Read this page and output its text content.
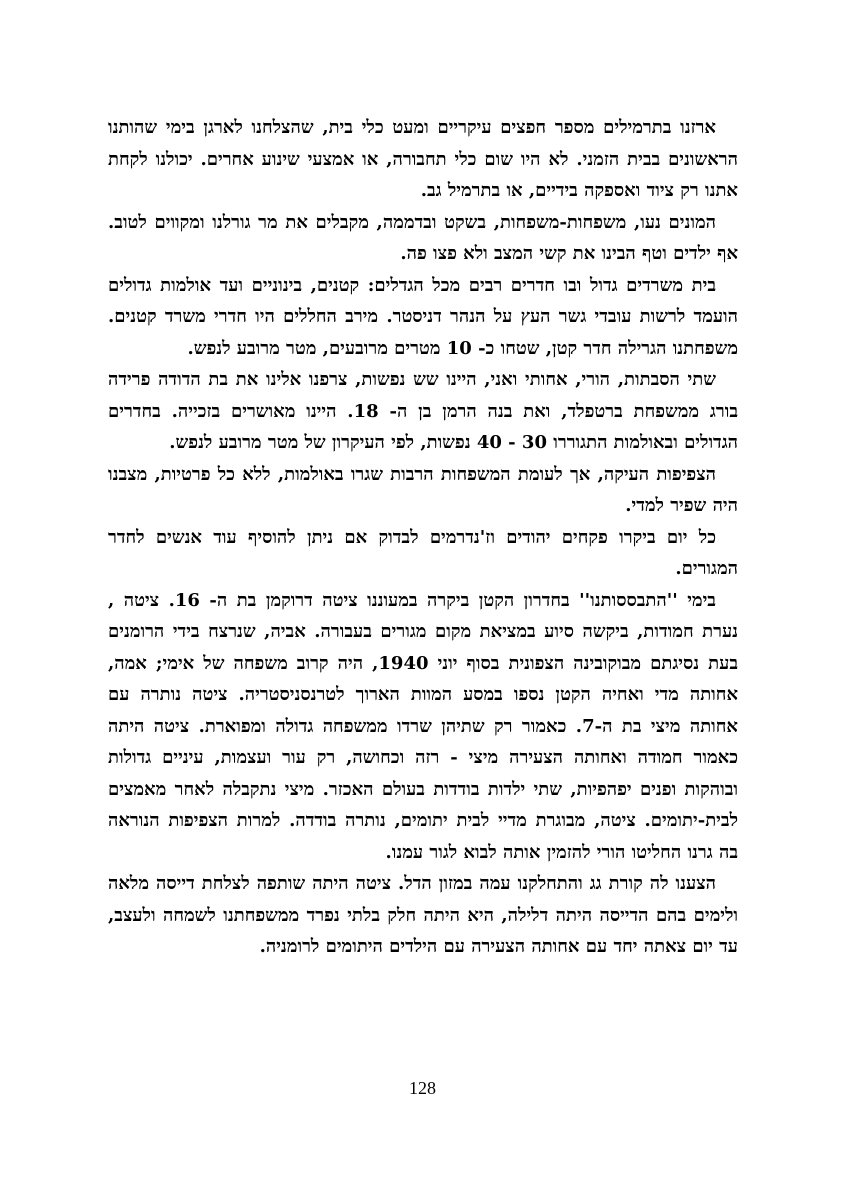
ארזנו בתרמילים מספר חפצים עיקריים ומעט כלי בית, שהצלחנו לארגן בימי שהותנו הראשונים בבית הזמני. לא היו שום כלי תחבורה, או אמצעי שינוע אחרים. יכולנו לקחת אתנו רק ציוד ואספקה בידיים, או בתרמיל גב.

המונים נעו, משפחות-משפחות, בשקט ובדממה, מקבלים את מר גורלנו ומקווים לטוב. אף ילדים וטף הבינו את קשי המצב ולא פצו פה.

בית משרדים גדול ובו חדרים רבים מכל הגדלים: קטנים, בינוניים ועד אולמות גדולים הועמד לרשות עובדי גשר העץ על הנהר דניסטר. מירב החללים היו חדרי משרד קטנים. משפחתנו הגרילה חדר קטן, שטחו כ- 10 מטרים מרובעים, מטר מרובע לנפש.

שתי הסבתות, הורי, אחותי ואני, היינו שש נפשות, צרפנו אלינו את בת הדודה פרידה בורג ממשפחת ברטפלד, ואת בנה הרמן בן ה- 18. היינו מאושרים בזכייה. בחדרים הגדולים ובאולמות התגוררו 30 - 40 נפשות, לפי העיקרון של מטר מרובע לנפש.

הצפיפות העיקה, אך לעומת המשפחות הרבות שגרו באולמות, ללא כל פרטיות, מצבנו היה שפיר למדי.

כל יום ביקרו פקחים יהודים וז'נדרמים לבדוק אם ניתן להוסיף עוד אנשים לחדר המגורים.

בימי ''התבססותנו'' בחדרון הקטן ביקרה במעוננו ציטה דרוקמן בת ה- 16. ציטה , נערת חמודות, ביקשה סיוע במציאת מקום מגורים בעבורה. אביה, שנרצח בידי הרומנים בעת נסיגתם מבוקובינה הצפונית בסוף יוני 1940, היה קרוב משפחה של אימי; אמה, אחותה מדי ואחיה הקטן נספו במסע המוות הארוך לטרנסניסטריה. ציטה נותרה עם אחותה מיצי בת ה-7. כאמור רק שתיהן שרדו ממשפחה גדולה ומפוארת. ציטה היתה כאמור חמודה ואחותה הצעירה מיצי - רזה וכחושה, רק עור ועצמות, עיניים גדולות ובוהקות ופנים יפהפיות, שתי ילדות בודדות בעולם האכזר. מיצי נתקבלה לאחר מאמצים לבית-יתומים. ציטה, מבוגרת מדיי לבית יתומים, נותרה בודדה. למרות הצפיפות הנוראה בה גרנו החליטו הורי להזמין אותה לבוא לגור עמנו.

הצענו לה קורת גג והתחלקנו עמה במזון הדל. ציטה היתה שותפה לצלחת דייסה מלאה ולימים בהם הדייסה היתה דלילה, היא היתה חלק בלתי נפרד ממשפחתנו לשמחה ולעצב, עד יום צאתה יחד עם אחותה הצעירה עם הילדים היתומים לרומניה.

128
